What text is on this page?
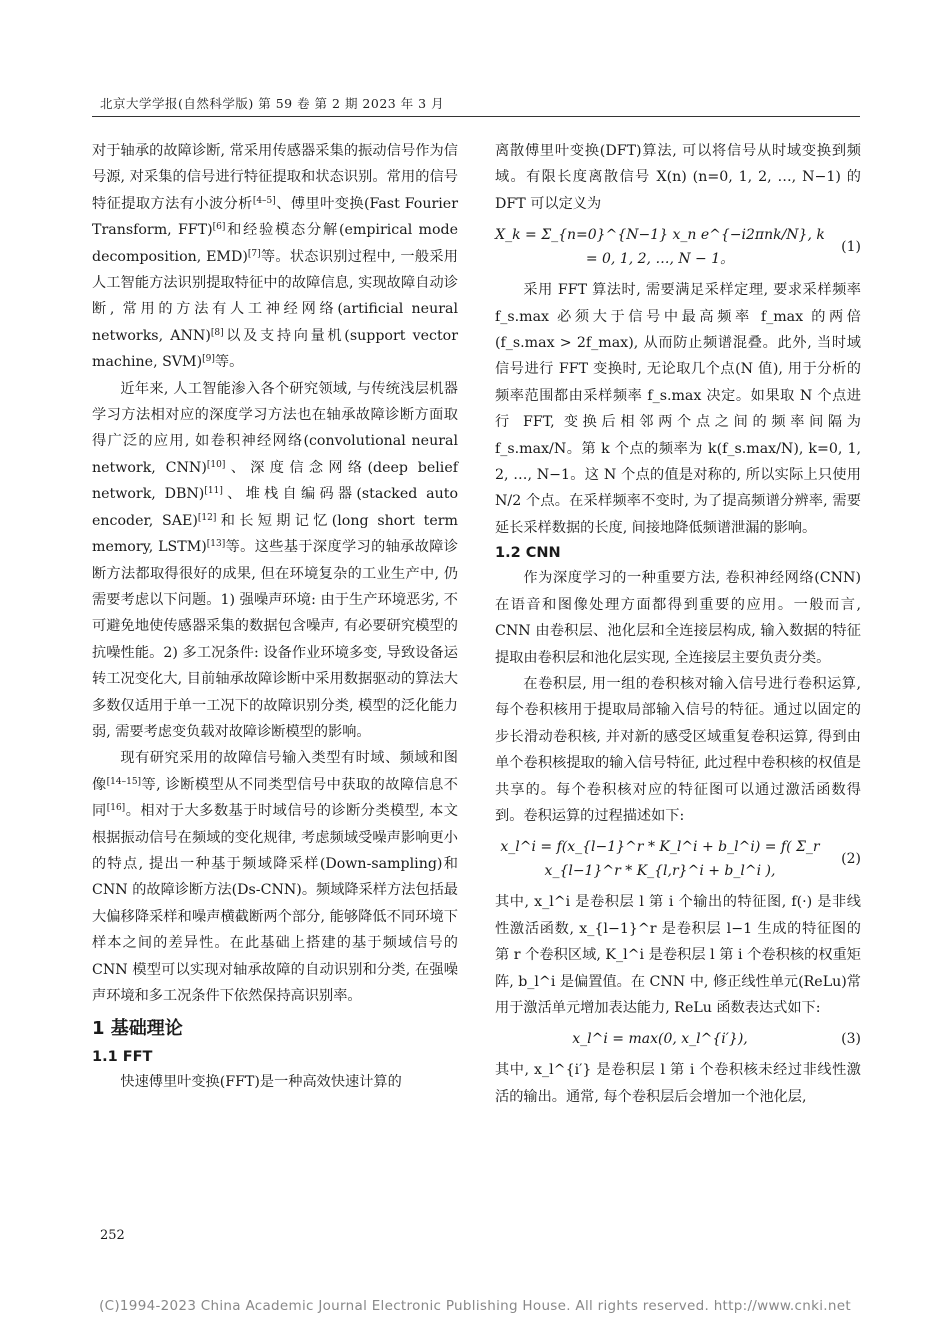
北京大学学报(自然科学版) 第 59 卷 第 2 期 2023 年 3 月

对于轴承的故障诊断, 常采用传感器采集的振动信号作为信号源, 对采集的信号进行特征提取和状态识别。常用的信号特征提取方法有小波分析[4–5]、傅里叶变换(Fast Fourier Transform, FFT)[6]和经验模态分解(empirical mode decomposition, EMD)[7]等。状态识别过程中, 一般采用人工智能方法识别提取特征中的故障信息, 实现故障自动诊断, 常用的方法有人工神经网络(artificial neural networks, ANN)[8]以及支持向量机(support vector machine, SVM)[9]等。

近年来, 人工智能渗入各个研究领域, 与传统浅层机器学习方法相对应的深度学习方法也在轴承故障诊断方面取得广泛的应用, 如卷积神经网络(convolutional neural network, CNN)[10]、深度信念网络(deep belief network, DBN)[11]、堆栈自编码器(stacked auto encoder, SAE)[12]和长短期记忆(long short term memory, LSTM)[13]等。这些基于深度学习的轴承故障诊断方法都取得很好的成果, 但在环境复杂的工业生产中, 仍需要考虑以下问题。1) 强噪声环境: 由于生产环境恶劣, 不可避免地使传感器采集的数据包含噪声, 有必要研究模型的抗噪性能。2) 多工况条件: 设备作业环境多变, 导致设备运转工况变化大, 目前轴承故障诊断中采用数据驱动的算法大多数仅适用于单一工况下的故障识别分类, 模型的泛化能力弱, 需要考虑变负载对故障诊断模型的影响。

现有研究采用的故障信号输入类型有时域、频域和图像[14–15]等, 诊断模型从不同类型信号中获取的故障信息不同[16]。相对于大多数基于时域信号的诊断分类模型, 本文根据振动信号在频域的变化规律, 考虑频域受噪声影响更小的特点, 提出一种基于频域降采样(Down-sampling)和 CNN 的故障诊断方法(Ds-CNN)。频域降采样方法包括最大偏移降采样和噪声横截断两个部分, 能够降低不同环境下样本之间的差异性。在此基础上搭建的基于频域信号的 CNN 模型可以实现对轴承故障的自动识别和分类, 在强噪声环境和多工况条件下依然保持高识别率。

1 基础理论
1.1 FFT

快速傅里叶变换(FFT)是一种高效快速计算的

离散傅里叶变换(DFT)算法, 可以将信号从时域变换到频域。有限长度离散信号 X(n) (n=0, 1, 2, …, N−1) 的 DFT 可以定义为

X_k = Σ_{n=0}^{N−1} x_n e^{−i2πnk/N}, k = 0, 1, 2, …, N − 1。
(1)

采用 FFT 算法时, 需要满足采样定理, 要求采样频率 f_s.max 必须大于信号中最高频率 f_max 的两倍(f_s.max > 2f_max), 从而防止频谱混叠。此外, 当时域信号进行 FFT 变换时, 无论取几个点(N 值), 用于分析的频率范围都由采样频率 f_s.max 决定。如果取 N 个点进行 FFT, 变换后相邻两个点之间的频率间隔为 f_s.max/N。第 k 个点的频率为 k(f_s.max/N), k=0, 1, 2, …, N−1。这 N 个点的值是对称的, 所以实际上只使用 N/2 个点。在采样频率不变时, 为了提高频谱分辨率, 需要延长采样数据的长度, 间接地降低频谱泄漏的影响。

1.2 CNN

作为深度学习的一种重要方法, 卷积神经网络(CNN)在语音和图像处理方面都得到重要的应用。一般而言, CNN 由卷积层、池化层和全连接层构成, 输入数据的特征提取由卷积层和池化层实现, 全连接层主要负责分类。

在卷积层, 用一组的卷积核对输入信号进行卷积运算, 每个卷积核用于提取局部输入信号的特征。通过以固定的步长滑动卷积核, 并对新的感受区域重复卷积运算, 得到由单个卷积核提取的输入信号特征, 此过程中卷积核的权值是共享的。每个卷积核对应的特征图可以通过激活函数得到。卷积运算的过程描述如下:

x_l^i = f(x_{l−1}^r * K_l^i + b_l^i) = f( Σ_r x_{l−1}^r * K_{l,r}^i + b_l^i ),
(2)

其中, x_l^i 是卷积层 l 第 i 个输出的特征图, f(·) 是非线性激活函数, x_{l−1}^r 是卷积层 l−1 生成的特征图的第 r 个卷积区域, K_l^i 是卷积层 l 第 i 个卷积核的权重矩阵, b_l^i 是偏置值。在 CNN 中, 修正线性单元(ReLu)常用于激活单元增加表达能力, ReLu 函数表达式如下:

x_l^i = max(0, x_l^{i′}),	(3)

其中, x_l^{i′} 是卷积层 l 第 i 个卷积核未经过非线性激活的输出。通常, 每个卷积层后会增加一个池化层,

252
(C)1994-2023 China Academic Journal Electronic Publishing House. All rights reserved. http://www.cnki.net
